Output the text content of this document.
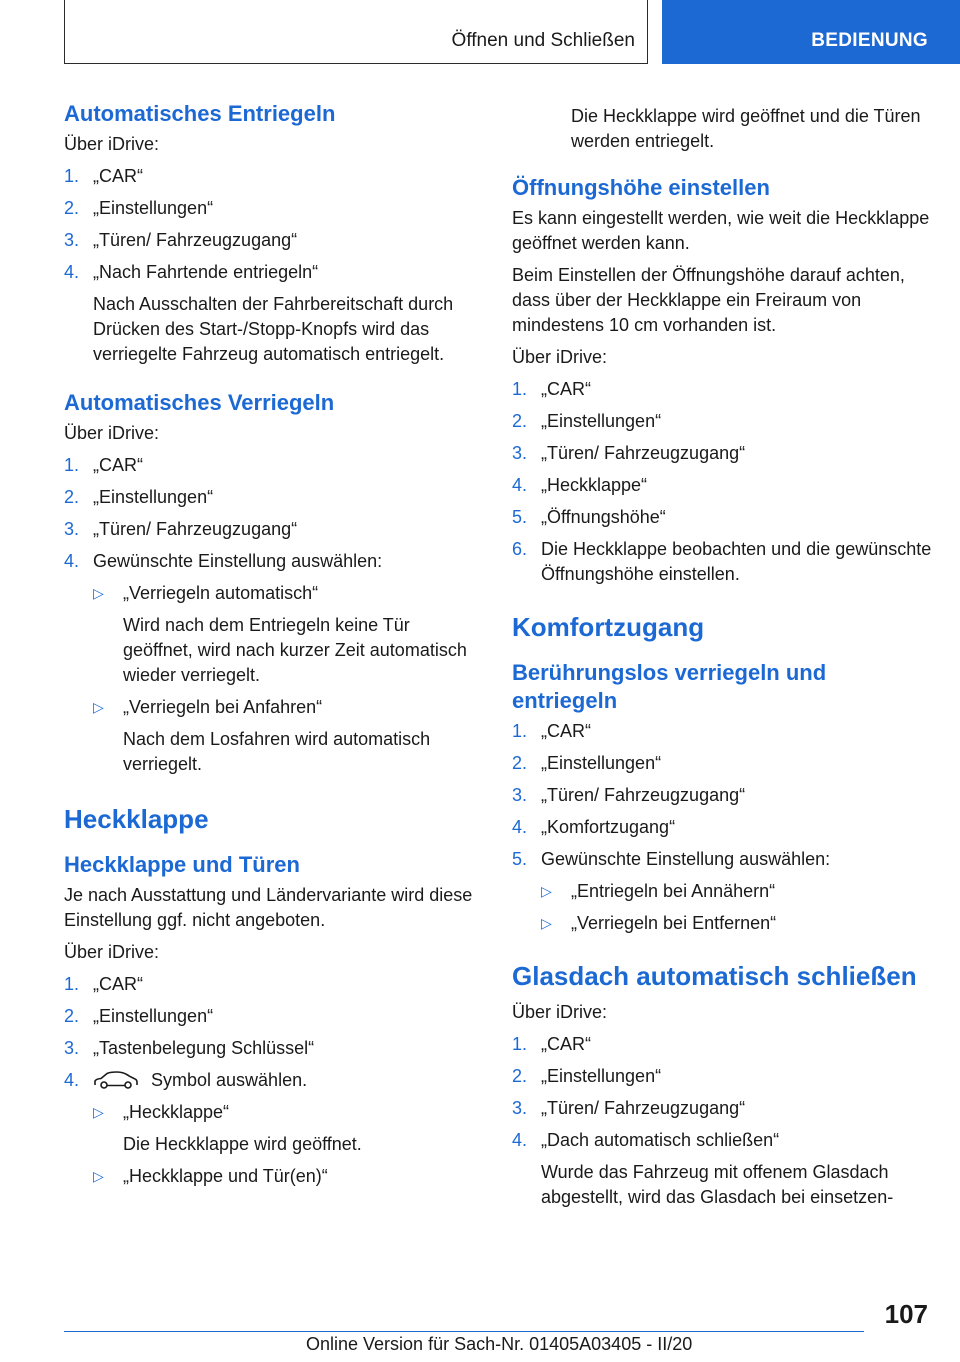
Öffnen und Schließen	BEDIENUNG
Automatisches Entriegeln
Über iDrive:
1. „CAR“
2. „Einstellungen“
3. „Türen/ Fahrzeugzugang“
4. „Nach Fahrtende entriegeln“
Nach Ausschalten der Fahrbereitschaft durch Drücken des Start-/Stopp-Knopfs wird das verriegelte Fahrzeug automatisch entriegelt.
Automatisches Verriegeln
Über iDrive:
1. „CAR“
2. „Einstellungen“
3. „Türen/ Fahrzeugzugang“
4. Gewünschte Einstellung auswählen:
▷ „Verriegeln automatisch“
Wird nach dem Entriegeln keine Tür geöffnet, wird nach kurzer Zeit automatisch wieder verriegelt.
▷ „Verriegeln bei Anfahren“
Nach dem Losfahren wird automatisch verriegelt.
Heckklappe
Heckklappe und Türen
Je nach Ausstattung und Ländervariante wird diese Einstellung ggf. nicht angeboten.
Über iDrive:
1. „CAR“
2. „Einstellungen“
3. „Tastenbelegung Schlüssel“
4.	Symbol auswählen.
▷ „Heckklappe“
Die Heckklappe wird geöffnet.
▷ „Heckklappe und Tür(en)“
Die Heckklappe wird geöffnet und die Türen werden entriegelt.
Öffnungshöhe einstellen
Es kann eingestellt werden, wie weit die Heckklappe geöffnet werden kann.
Beim Einstellen der Öffnungshöhe darauf achten, dass über der Heckklappe ein Freiraum von mindestens 10 cm vorhanden ist.
Über iDrive:
1. „CAR“
2. „Einstellungen“
3. „Türen/ Fahrzeugzugang“
4. „Heckklappe“
5. „Öffnungshöhe“
6. Die Heckklappe beobachten und die gewünschte Öffnungshöhe einstellen.
Komfortzugang
Berührungslos verriegeln und entriegeln
1. „CAR“
2. „Einstellungen“
3. „Türen/ Fahrzeugzugang“
4. „Komfortzugang“
5. Gewünschte Einstellung auswählen:
▷ „Entriegeln bei Annähern“
▷ „Verriegeln bei Entfernen“
Glasdach automatisch schließen
Über iDrive:
1. „CAR“
2. „Einstellungen“
3. „Türen/ Fahrzeugzugang“
4. „Dach automatisch schließen“
Wurde das Fahrzeug mit offenem Glasdach abgestellt, wird das Glasdach bei einsetzen-
107
Online Version für Sach-Nr. 01405A03405 - II/20
